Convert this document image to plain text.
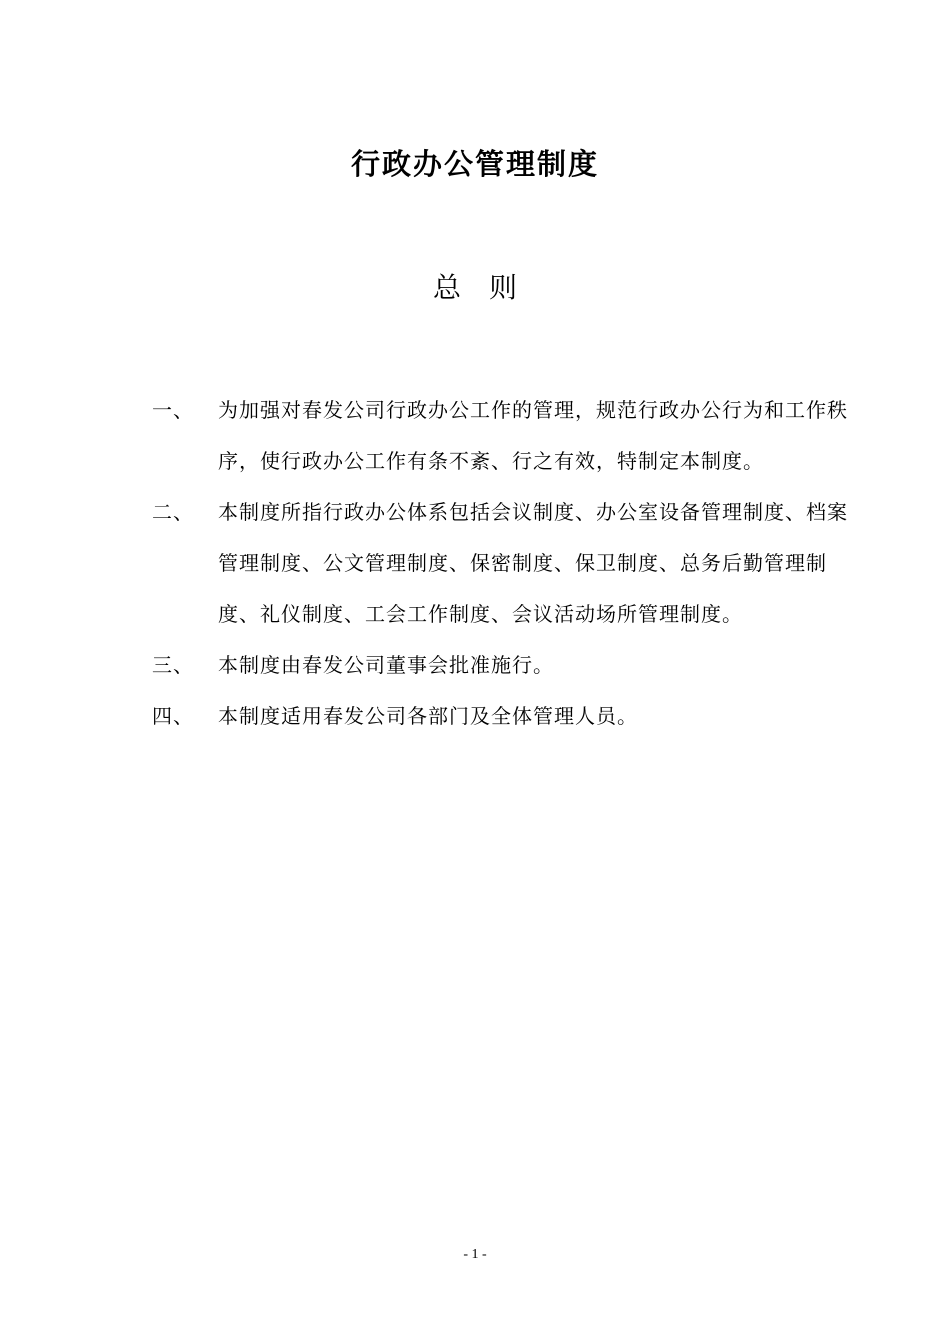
行政办公管理制度
总 则
一、	为加强对春发公司行政办公工作的管理，规范行政办公行为和工作秩序，使行政办公工作有条不紊、行之有效，特制定本制度。
二、	本制度所指行政办公体系包括会议制度、办公室设备管理制度、档案管理制度、公文管理制度、保密制度、保卫制度、总务后勤管理制度、礼仪制度、工会工作制度、会议活动场所管理制度。
三、	本制度由春发公司董事会批准施行。
四、	本制度适用春发公司各部门及全体管理人员。
- 1 -
